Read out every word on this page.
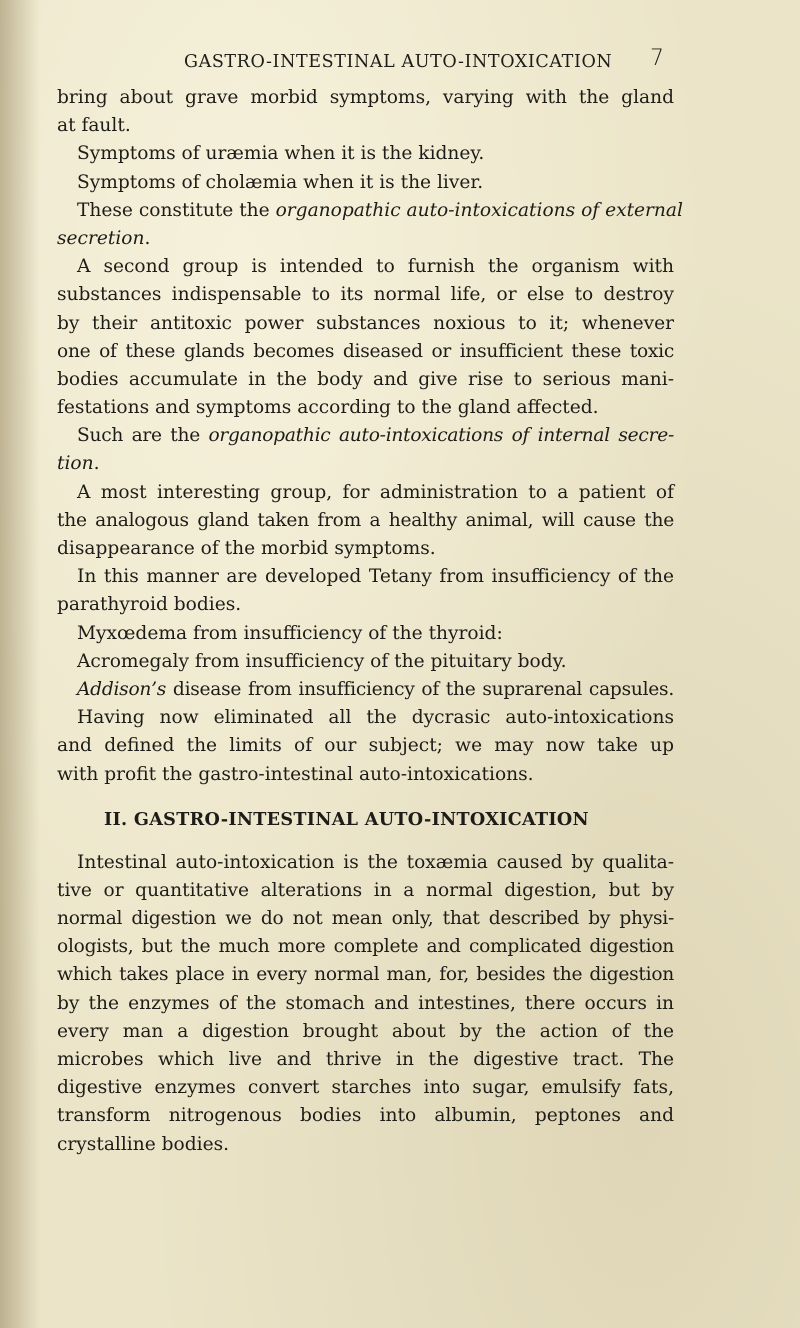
GASTRO-INTESTINAL AUTO-INTOXICATION	7
bring about grave morbid symptoms, varying with the gland
at fault.
Symptoms of uræmia when it is the kidney.
Symptoms of cholæmia when it is the liver.
These constitute the organopathic auto-intoxications of external
secretion.
A second group is intended to furnish the organism with
substances indispensable to its normal life, or else to destroy
by their antitoxic power substances noxious to it; whenever
one of these glands becomes diseased or insufficient these toxic
bodies accumulate in the body and give rise to serious mani-
festations and symptoms according to the gland affected.
Such are the organopathic auto-intoxications of internal secre-
tion.
A most interesting group, for administration to a patient of
the analogous gland taken from a healthy animal, will cause the
disappearance of the morbid symptoms.
In this manner are developed Tetany from insufficiency of the
parathyroid bodies.
Myxœdema from insufficiency of the thyroid:
Acromegaly from insufficiency of the pituitary body.
Addison’s disease from insufficiency of the suprarenal capsules.
Having now eliminated all the dycrasic auto-intoxications
and defined the limits of our subject; we may now take up
with profit the gastro-intestinal auto-intoxications.
II. GASTRO-INTESTINAL AUTO-INTOXICATION
Intestinal auto-intoxication is the toxæmia caused by qualita-
tive or quantitative alterations in a normal digestion, but by
normal digestion we do not mean only, that described by physi-
ologists, but the much more complete and complicated digestion
which takes place in every normal man, for, besides the digestion
by the enzymes of the stomach and intestines, there occurs in
every man a digestion brought about by the action of the
microbes which live and thrive in the digestive tract. The
digestive enzymes convert starches into sugar, emulsify fats,
transform nitrogenous bodies into albumin, peptones and
crystalline bodies.
